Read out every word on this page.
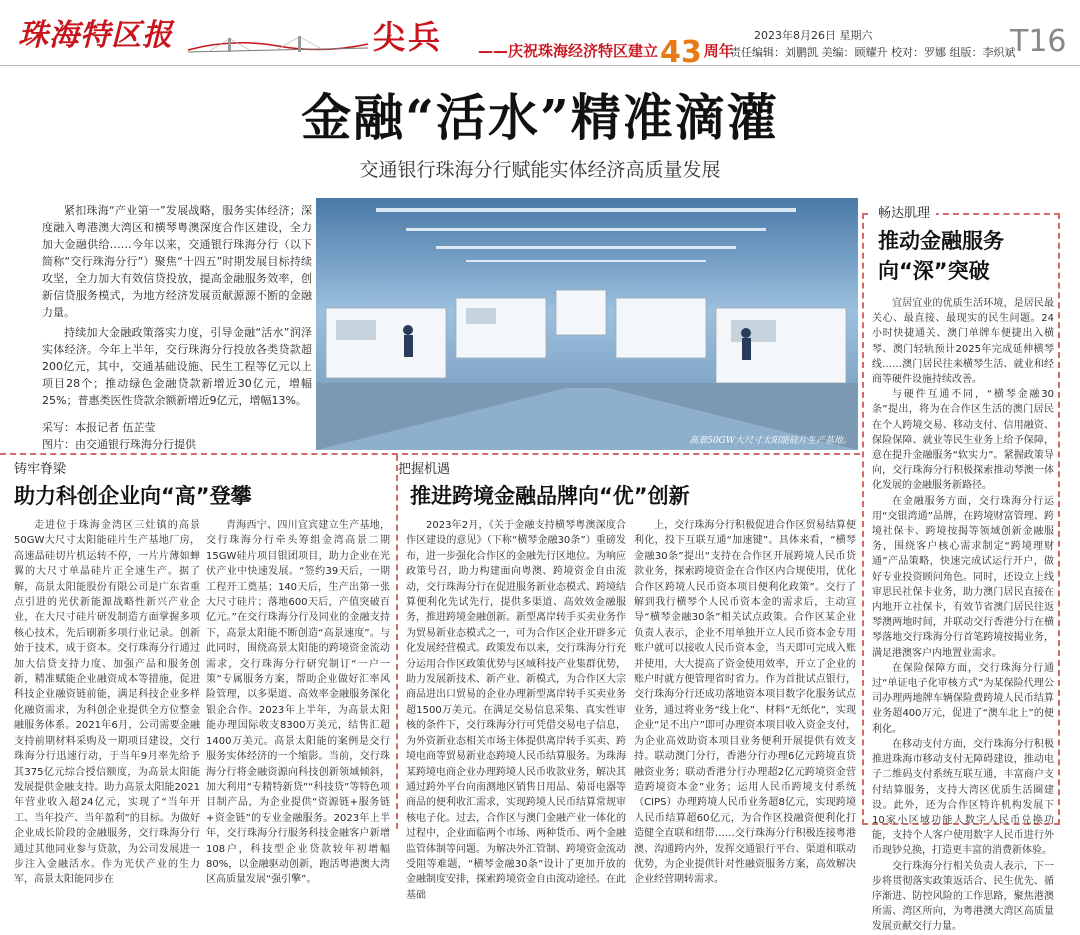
珠海特区报	尖兵 ——庆祝珠海经济特区建立43 周年
2023年8月26日 星期六
责任编辑：刘鹏凯 美编：顾耀升 校对：罗娜 组版：李炽斌
T16
金融“活水”精准滴灌
交通银行珠海分行赋能实体经济高质量发展

紧扣珠海“产业第一”发展战略，服务实体经济；深度融入粤港澳大湾区和横琴粤澳深度合作区建设，全力加大金融供给……今年以来，交通银行珠海分行（以下简称“交行珠海分行”）聚焦“十四五”时期发展目标持续攻坚，全力加大有效信贷投放，提高金融服务效率，创新信贷服务模式，为地方经济发展贡献源源不断的金融力量。

持续加大金融政策落实力度，引导金融“活水”润泽实体经济。今年上半年，交行珠海分行投放各类贷款超200亿元，其中，交通基础设施、民生工程等亿元以上项目28个；推动绿色金融贷款新增近30亿元，增幅25%；普惠类医性贷款余额新增近9亿元，增幅13%。

采写：本报记者 伍芷莹

图片：由交通银行珠海分行提供	高景50GW大尺寸太阳能硅片生产基地。
畅达肌理
推动金融服务向“深”突破

宜居宜业的优质生活环境，是居民最关心、最直接、最现实的民生问题。24小时快捷通关、澳门单牌车便捷出入横琴、澳门轻轨预计2025年完成延伸横琴线……澳门居民往来横琴生活、就业和经商等硬件设施持续改善。

与硬件互通不同，“横琴金融30条”提出，将为在合作区生活的澳门居民在个人跨境交易、移动支付、信用融资、保险保障、就业等民生业务上给予保障，意在提升金融服务“软实力”。紧握政策导向，交行珠海分行积极探索推动琴澳一体化发展的金融服务新路径。

在金融服务方面，交行珠海分行运用“交银湾通”品牌，在跨境财富管理、跨境社保卡、跨境按揭等领域创新金融服务，围绕客户核心需求制定“跨境理财通”产品策略，快速完成试运行开户，做好专业投资顾问角色。同时，还设立上线审思民社保卡业务，助力澳门居民直接在内地开立社保卡，有效节省澳门居民往返琴澳两地时间，并联动交行香港分行在横琴落地交行珠海分行首笔跨境按揭业务，满足港澳客户内地置业需求。

在保险保障方面，交行珠海分行通过“单证电子化审核方式”为某保险代理公司办理两地牌车辆保险费跨境人民币结算业务超400万元，促进了“澳车北上”的便利化。

在移动支付方面，交行珠海分行积极推进珠海市移动支付无障碍建设，推动电子二维码支付系统互联互通，丰富商户支付结算服务，支持大湾区优质生活圈建设。此外，还为合作区特许机构发展下10家小区域功能人数字人民币兑换功能，支持个人客户使用数字人民币进行外币现钞兑换，打造更丰富的消费新体验。

交行珠海分行相关负责人表示，下一步将贯彻落实政策返话合、民生优先、循序渐进、防控风险的工作思路，聚焦港澳所需、湾区所向，为粤港澳大湾区高质量发展贡献交行力量。

铸牢脊梁
助力科创企业向“高”登攀

走进位于珠海金湾区三灶镇的高景50GW大尺寸太阳能硅片生产基地厂房，高速晶硅切片机运转不停，一片片薄如蝉翼的大尺寸单晶硅片正全速生产。据了解，高景太阳能股份有限公司是广东省重点引进的光伏新能源战略性新兴产业企业，在大尺寸硅片研发制造方面掌握多项核心技术，先后刷新多项行业记录。创新始于技术，成于资本。交行珠海分行通过加大信贷支持力度、加强产品和服务创新，精准赋能企业融资成本等措施，促进科技企业融资链前能，满足科技企业多样化融资需求，为科创企业提供全方位整金融服务体系。2021年6月，公司需要金融支持前期材料采购及一期项目建设，交行珠海分行迅速行动，于当年9月率先给予其375亿元综合授信额度，为高景太阳能发展提供金融支持。助力高景太阳能2021年营业收入超24亿元，实现了“当年开工、当年投产、当年盈利”的目标。为做好企业成长阶段的金融服务，交行珠海分行通过其他同业参与贷款，为公司发展进一步注入金融活水。作为光伏产业的生力军，高景太阳能同步在

青海西宁、四川宜宾建立生产基地，交行珠海分行牵头筹组金湾高景二期15GW硅片项目银团项目，助力企业在光伏产业中快速发展。“签约39天后，一期工程开工奠基；140天后，生产出第一张大尺寸硅片；落地600天后，产值突破百亿元。”在交行珠海分行及同业的金融支持下，高景太阳能不断创造“高景速度”。与此同时，围绕高景太阳能的跨境资金流动需求，交行珠海分行研究制订“一户一策”专属服务方案，帮助企业做好汇率风险管理，以多渠道、高效率金融服务深化银企合作。2023年上半年，为高景太阳能办理国际收支8300万美元，结售汇超1400万美元。高景太阳能的案例是交行服务实体经济的一个缩影。当前，交行珠海分行将金融资源向科技创新领域倾斜，加大利用“专精特新贷”“科技贷”等特色项目制产品，为企业提供“资源链+服务链+资金链”的专业金融服务。2023年上半年，交行珠海分行服务科技金融客户新增108户，科技型企业贷款较年初增幅80%，以金融驱动创新，跑活粤港澳大湾区高质量发展“强引擎”。

把握机遇
推进跨境金融品牌向“优”创新

2023年2月，《关于金融支持横琴粤澳深度合作区建设的意见》（下称“横琴金融30条”）重磅发布，进一步强化合作区的金融先行区地位。为响应政策号召，助力构建面向粤澳、跨境资金自由流动，交行珠海分行在促进服务新业态模式、跨境结算便利化先试先行，提供多渠道、高效效金融服务，推进跨境金融创新。新型离岸转手买卖业务作为贸易新业态模式之一，可为合作区企业开辟多元化发展经营模式。政策发布以来，交行珠海分行充分运用合作区政策优势与区域科技产业集群优势，助力发展新技术、新产业、新模式，为合作区大宗商品进出口贸易的企业办理新型离岸转手买卖业务超1500万美元。在满足交易信息采集、真实性审核的条件下，交行珠海分行可凭借交易电子信息，为外资新业态相关市场主体提供离岸转手买卖、跨境电商等贸易新业态跨境人民币结算服务。为珠海某跨境电商企业办理跨境人民币收款业务，解决其通过跨外平台向南测地区销售日用品、菊哥电器等商品的便利收汇需求，实现跨境人民币结算常规审核电子化。过去，合作区与澳门金融产业一体化的过程中，企业面临两个市场、两种货币、两个金融监管体制等问题。为解决外汇管制、跨境资金流动受阻等难题，“横琴金融30条”设计了更加开放的金融制度安排，探索跨境资金自由流动途径。在此基础

上，交行珠海分行积极促进合作区贸易结算便利化，投下互联互通“加速键”。具体来看，“横琴金融30条”提出“支持在合作区开展跨境人民币贷款业务，探索跨境资金在合作区内合规使用，优化合作区跨境人民币资本项目便利化政策”。交行了解到我行横琴个人民币资本金的需求后，主动宣导“横琴金融30条”相关试点政策。合作区某企业负责人表示，企业不用单独开立人民币资本金专用账户就可以接收人民币资本金，当天即可完成入账并使用，大大提高了资金使用效率，开立了企业的账户时就方便管理省时省力。作为首批试点银行，交行珠海分行还成功落地资本项目数字化服务试点业务，通过将业务“线上化”、材料“无纸化”，实现企业“足不出户”即可办理资本项目收入资金支付，为企业高效助资本项目业务便利开展提供有效支持。联动澳门分行，香港分行办理6亿元跨境直贷融资业务；联动香港分行办理超2亿元跨境资金营造跨境资本金”业务；运用人民币跨境支付系统（CIPS）办理跨境人民币业务超8亿元，实现跨境人民币结算超60亿元，为合作区投融资便利化打造健全直联和纽带……交行珠海分行积极连接粤港澳、沟通跨内外，发挥交通银行平台、渠道和联动优势，为企业提供针对性融资服务方案，高效解决企业经营期转需求。
